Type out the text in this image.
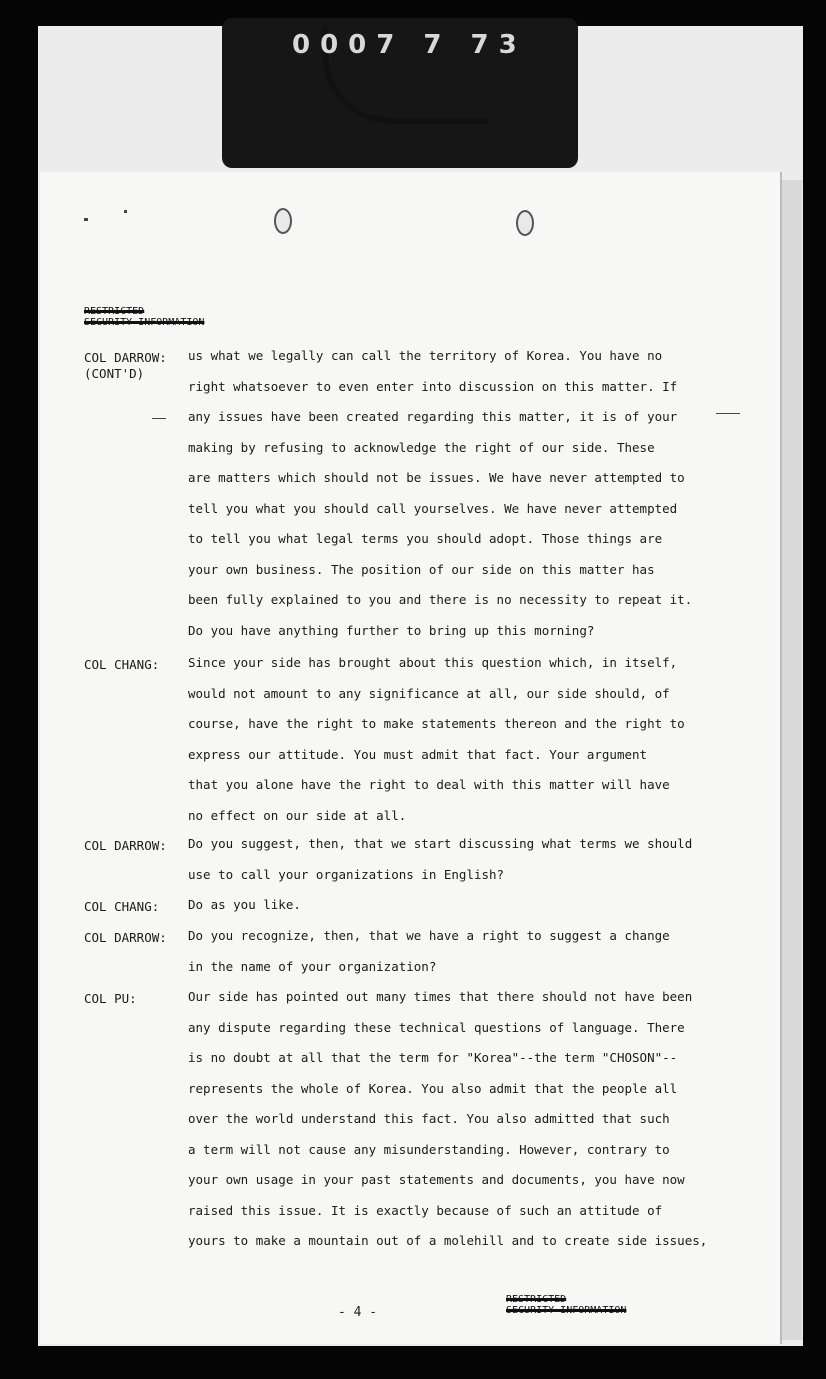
0007 7 73
RESTRICTED
SECURITY INFORMATION
COL DARROW:
(CONT'D)
us what we legally can call the territory of Korea. You have no
right whatsoever to even enter into discussion on this matter. If
any issues have been created regarding this matter, it is of your
making by refusing to acknowledge the right of our side. These
are matters which should not be issues. We have never attempted to
tell you what you should call yourselves. We have never attempted
to tell you what legal terms you should adopt. Those things are
your own business. The position of our side on this matter has
been fully explained to you and there is no necessity to repeat it.
Do you have anything further to bring up this morning?
COL CHANG: Since your side has brought about this question which, in itself,
would not amount to any significance at all, our side should, of
course, have the right to make statements thereon and the right to
express our attitude. You must admit that fact. Your argument
that you alone have the right to deal with this matter will have
no effect on our side at all.
COL DARROW: Do you suggest, then, that we start discussing what terms we should
use to call your organizations in English?
COL CHANG: Do as you like.
COL DARROW: Do you recognize, then, that we have a right to suggest a change
in the name of your organization?
COL PU:	Our side has pointed out many times that there should not have been
any dispute regarding these technical questions of language. There
is no doubt at all that the term for "Korea"--the term "CHOSON"--
represents the whole of Korea. You also admit that the people all
over the world understand this fact. You also admitted that such
a term will not cause any misunderstanding. However, contrary to
your own usage in your past statements and documents, you have now
raised this issue. It is exactly because of such an attitude of
yours to make a mountain out of a molehill and to create side issues,
- 4 -
RESTRICTED
SECURITY INFORMATION
